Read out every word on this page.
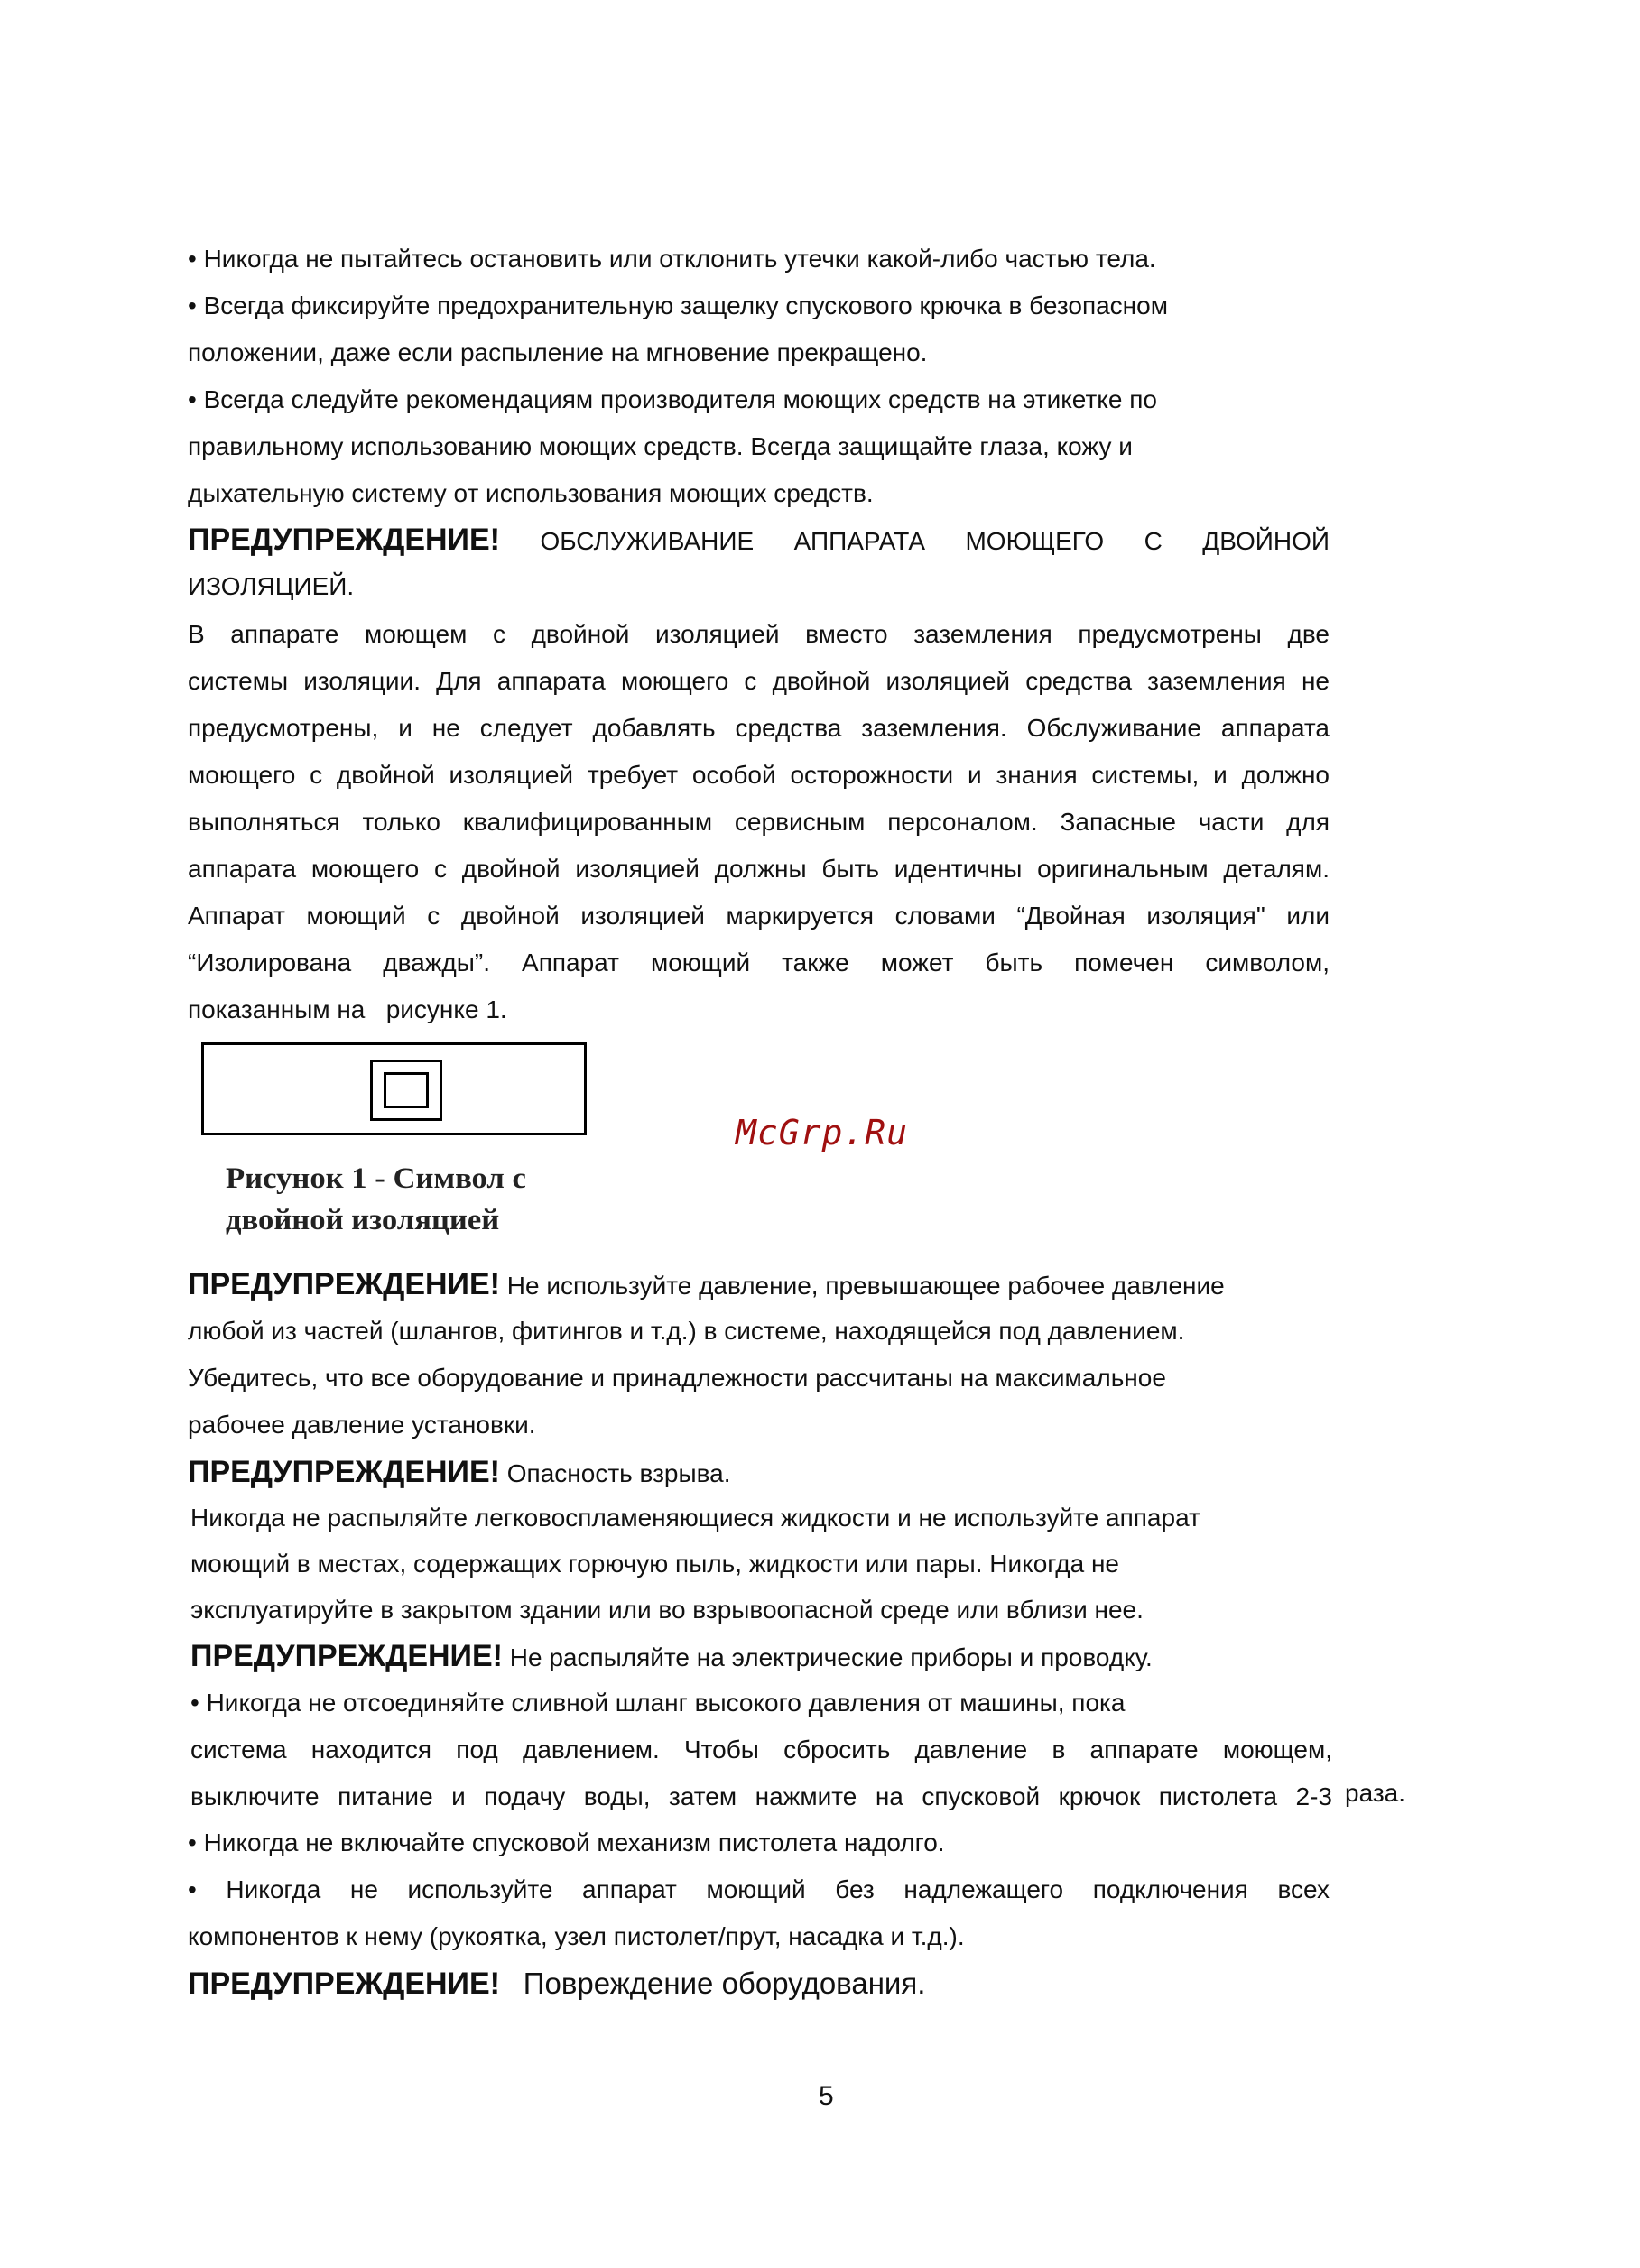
• Никогда не пытайтесь остановить или отклонить утечки какой-либо частью тела.
• Всегда фиксируйте предохранительную защелку спускового крючка в безопасном
положении, даже если распыление на мгновение прекращено.
• Всегда следуйте рекомендациям производителя моющих средств на этикетке по
правильному использованию моющих средств. Всегда защищайте глаза, кожу и
дыхательную систему от использования моющих средств.
ПРЕДУПРЕЖДЕНИЕ! ОБСЛУЖИВАНИЕ АППАРАТА МОЮЩЕГО С ДВОЙНОЙ
ИЗОЛЯЦИЕЙ.
В аппарате моющем с двойной изоляцией вместо заземления предусмотрены две
системы изоляции. Для аппарата моющего с двойной изоляцией средства заземления не
предусмотрены, и не следует добавлять средства заземления. Обслуживание аппарата
моющего с двойной изоляцией требует особой осторожности и знания системы, и должно
выполняться только квалифицированным сервисным персоналом. Запасные части для
аппарата моющего с двойной изоляцией должны быть идентичны оригинальным деталям.
Аппарат моющий с двойной изоляцией маркируется словами “Двойная изоляция" или
“Изолирована дважды”. Аппарат моющий также может быть помечен символом,
показанным на   рисунке 1.
Рисунок 1 - Символ с
двойной изоляцией
McGrp.Ru
ПРЕДУПРЕЖДЕНИЕ! Не используйте давление, превышающее рабочее давление
любой из частей (шлангов, фитингов и т.д.) в системе, находящейся под давлением.
Убедитесь, что все оборудование и принадлежности рассчитаны на максимальное
рабочее давление установки.
ПРЕДУПРЕЖДЕНИЕ! Опасность взрыва.
Никогда не распыляйте легковоспламеняющиеся жидкости и не используйте аппарат
моющий в местах, содержащих горючую пыль, жидкости или пары. Никогда не
эксплуатируйте в закрытом здании или во взрывоопасной среде или вблизи нее.
ПРЕДУПРЕЖДЕНИЕ! Не распыляйте на электрические приборы и проводку.
• Никогда не отсоединяйте сливной шланг высокого давления от машины, пока
система находится под давлением. Чтобы сбросить давление в аппарате моющем,
выключите питание и подачу воды, затем нажмите на спусковой крючок пистолета 2-3 раза.
• Никогда не включайте спусковой механизм пистолета надолго.
• Никогда не используйте аппарат моющий без надлежащего подключения всех
компонентов к нему (рукоятка, узел пистолет/прут, насадка и т.д.).
ПРЕДУПРЕЖДЕНИЕ! Повреждение оборудования.
5
